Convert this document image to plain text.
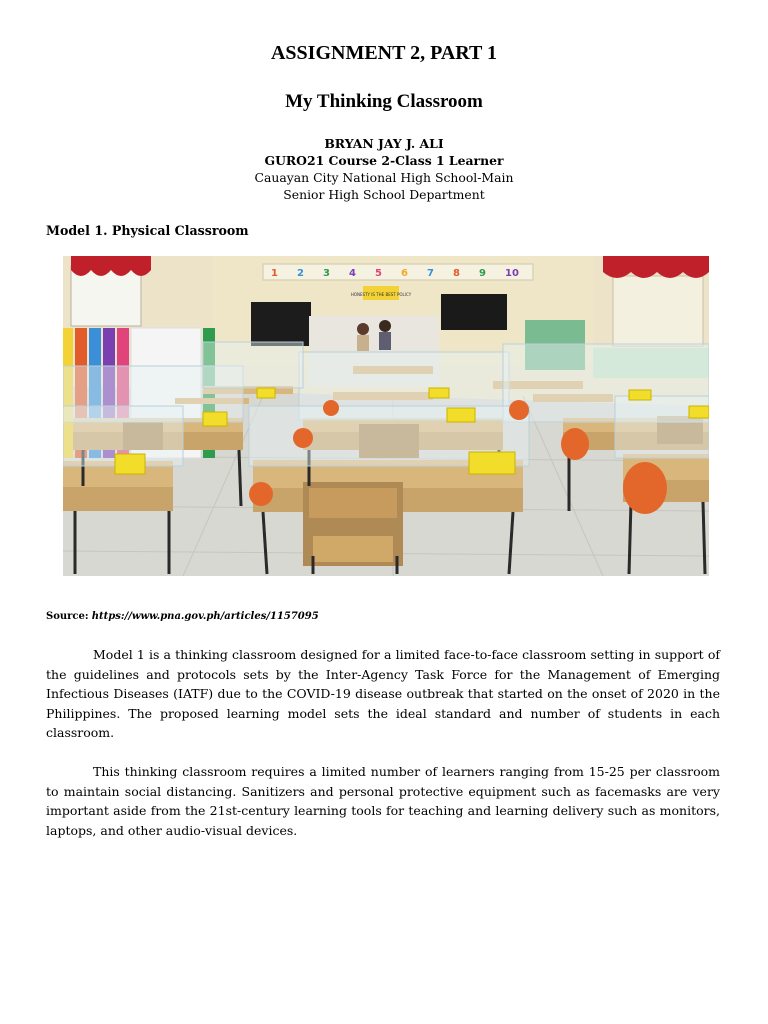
ASSIGNMENT 2, PART 1
My Thinking Classroom
BRYAN JAY J. ALI
GURO21 Course 2-Class 1 Learner
Cauayan City National High School-Main
Senior High School Department
Model 1. Physical Classroom
1 2 3 4 5 6 7 8 9 10
HONESTY IS THE BEST POLICY
Source: https://www.pna.gov.ph/articles/1157095
Model 1 is a thinking classroom designed for a limited face-to-face classroom setting in support of the guidelines and protocols sets by the Inter-Agency Task Force for the Management of Emerging Infectious Diseases (IATF) due to the COVID-19 disease outbreak that started on the onset of 2020 in the Philippines. The proposed learning model sets the ideal standard and number of students in each classroom.
This thinking classroom requires a limited number of learners ranging from 15-25 per classroom to maintain social distancing. Sanitizers and personal protective equipment such as facemasks are very important aside from the 21st-century learning tools for teaching and learning delivery such as monitors, laptops, and other audio-visual devices.
